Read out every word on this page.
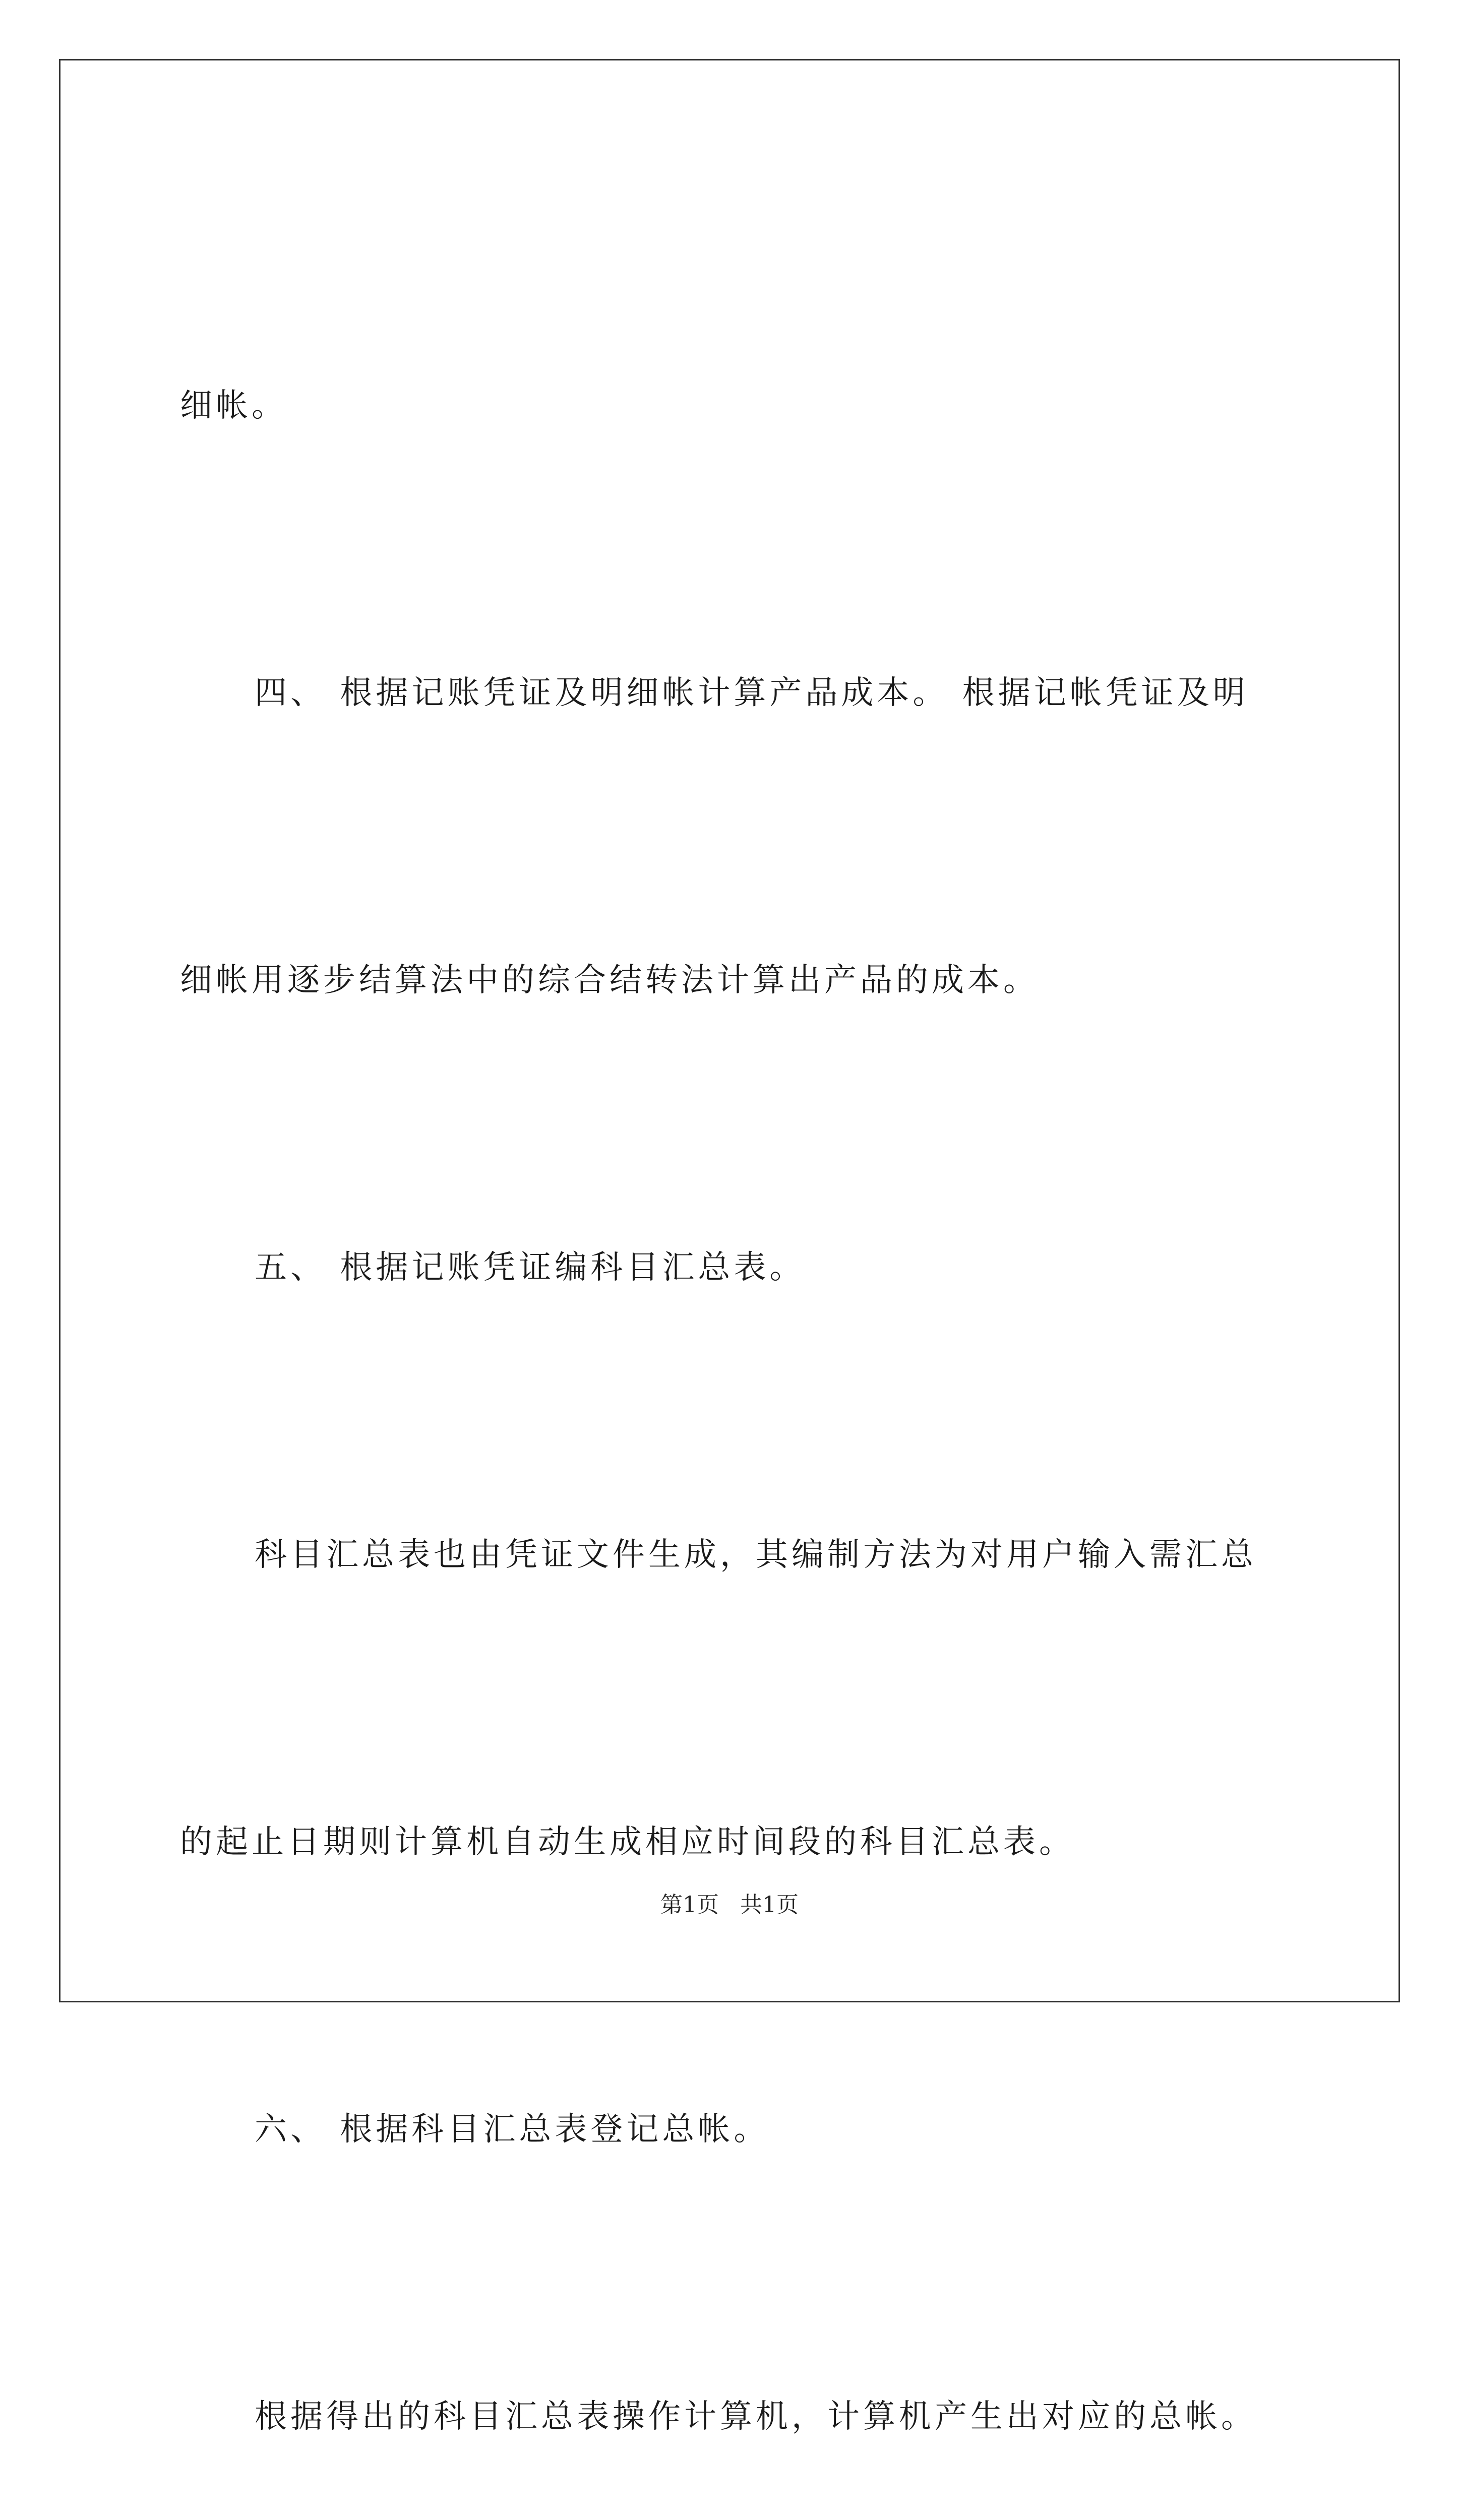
细帐。

四、 根据记账凭证及明细帐计算产品成本。 根据记帐凭证及明

细帐用逐步结算法中的综合结转法计算出产品的成本。

五、 根据记账凭证编科目汇总表。

科目汇总表也由凭证文件生成，其编制方法为对用户输入需汇总

的起止日期则计算机自动生成相应时间段的科目汇总表。

六、 根据科目汇总表登记总帐。

根据得出的科目汇总表操作计算机，计算机产生出对应的总帐。

第1页   共1页
